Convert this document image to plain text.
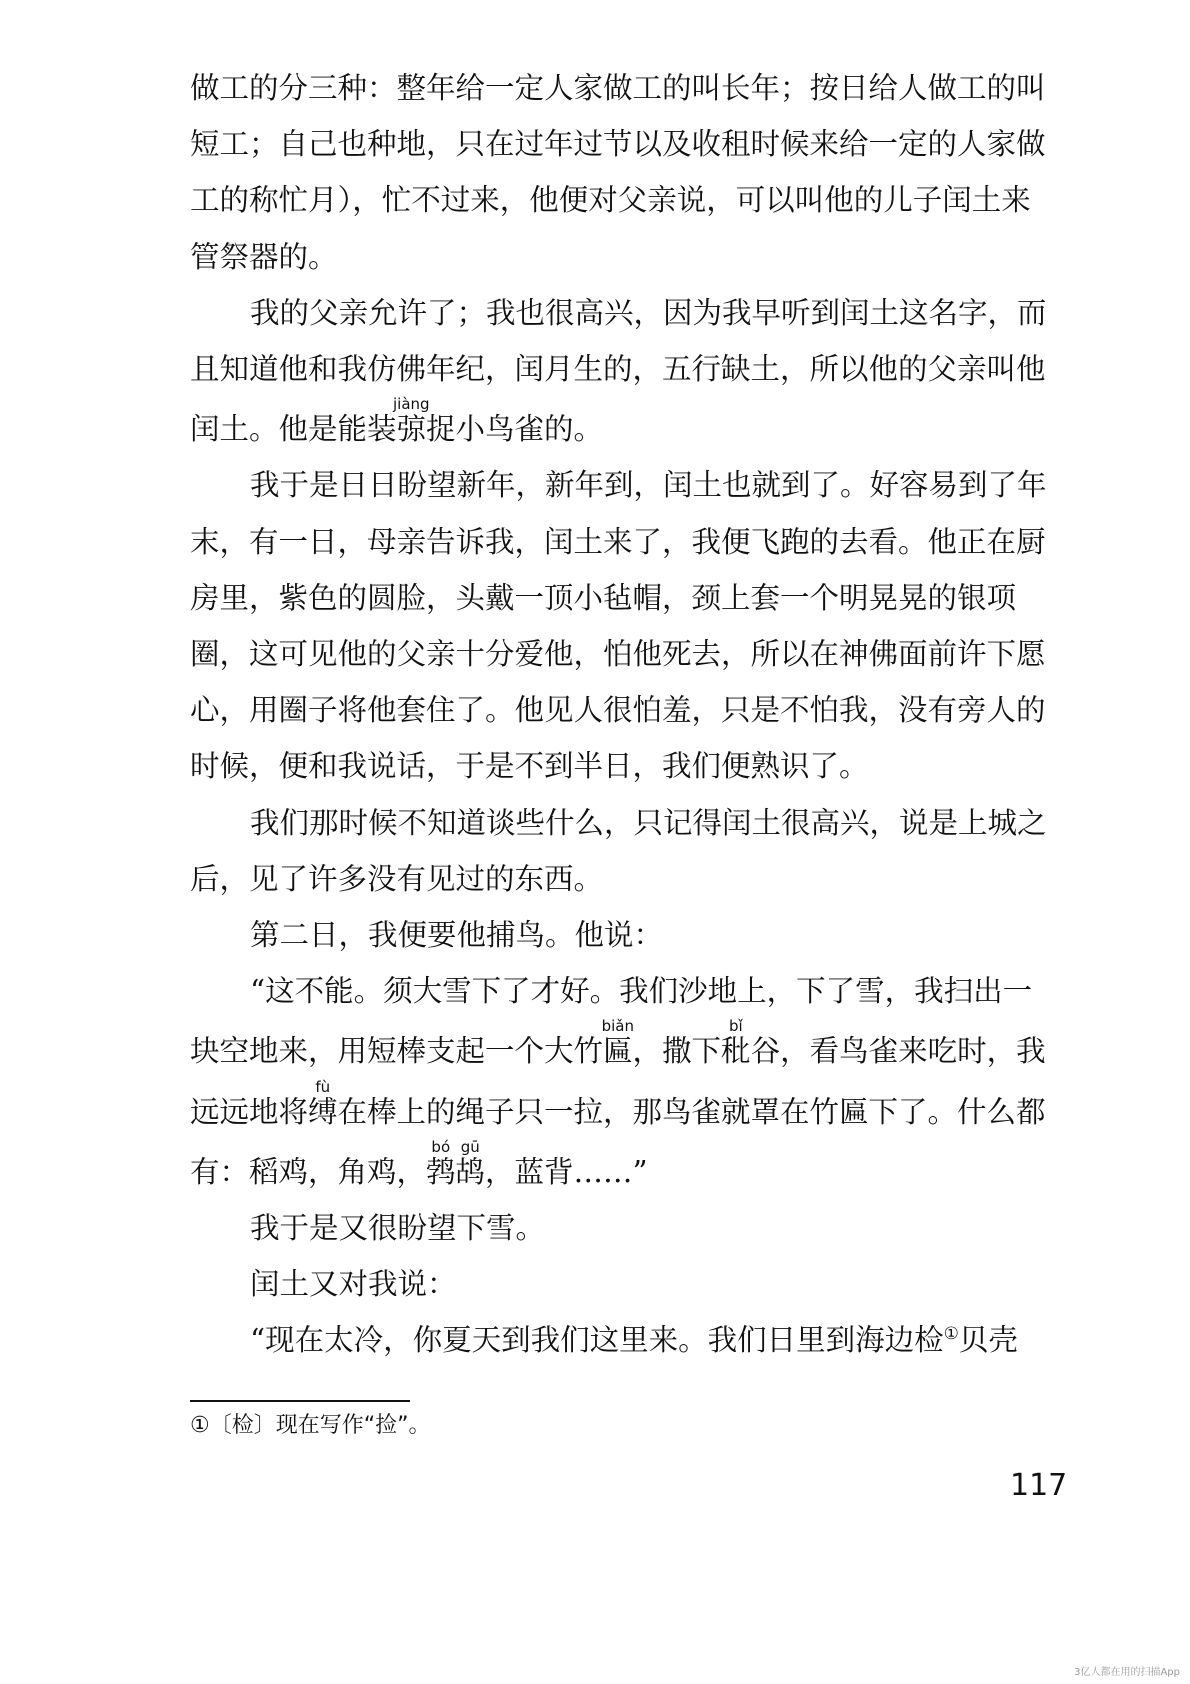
做工的分三种：整年给一定人家做工的叫长年；按日给人做工的叫

短工；自己也种地，只在过年过节以及收租时候来给一定的人家做

工的称忙月），忙不过来，他便对父亲说，可以叫他的儿子闰土来

管祭器的。

我的父亲允许了；我也很高兴，因为我早听到闰土这名字，而

且知道他和我仿佛年纪，闰月生的，五行缺土，所以他的父亲叫他

闰土。他是能装弶jiàng捉小鸟雀的。

我于是日日盼望新年，新年到，闰土也就到了。好容易到了年

末，有一日，母亲告诉我，闰土来了，我便飞跑的去看。他正在厨

房里，紫色的圆脸，头戴一顶小毡帽，颈上套一个明晃晃的银项

圈，这可见他的父亲十分爱他，怕他死去，所以在神佛面前许下愿

心，用圈子将他套住了。他见人很怕羞，只是不怕我，没有旁人的

时候，便和我说话，于是不到半日，我们便熟识了。

我们那时候不知道谈些什么，只记得闰土很高兴，说是上城之

后，见了许多没有见过的东西。

第二日，我便要他捕鸟。他说：

“这不能。须大雪下了才好。我们沙地上，下了雪，我扫出一

块空地来，用短棒支起一个大竹匾biǎn，撒下秕bǐ谷，看鸟雀来吃时，我

远远地将缚fù在棒上的绳子只一拉，那鸟雀就罩在竹匾下了。什么都

有：稻鸡，角鸡，鹁bó鸪gū，蓝背……”

我于是又很盼望下雪。

闰土又对我说：

“现在太冷，你夏天到我们这里来。我们日里到海边检①贝壳

①〔检〕现在写作“捡”。
117
3亿人都在用的扫描App
